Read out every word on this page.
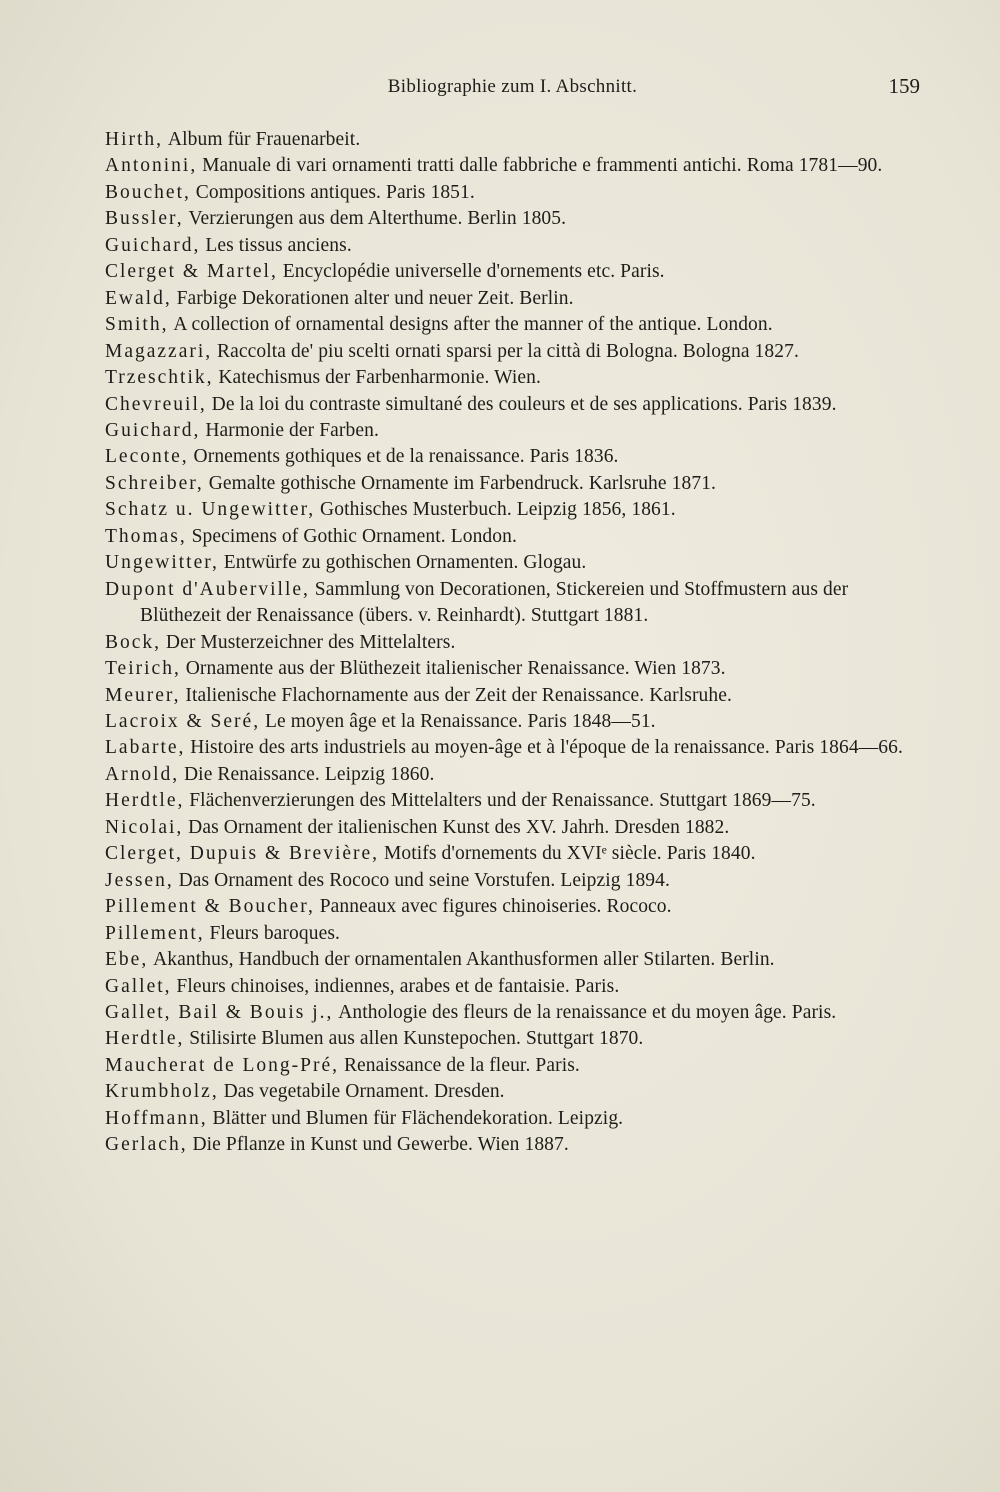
Bibliographie zum I. Abschnitt.	159
Hirth, Album für Frauenarbeit.
Antonini, Manuale di vari ornamenti tratti dalle fabbriche e frammenti antichi. Roma 1781—90.
Bouchet, Compositions antiques. Paris 1851.
Bussler, Verzierungen aus dem Alterthume. Berlin 1805.
Guichard, Les tissus anciens.
Clerget & Martel, Encyclopédie universelle d'ornements etc. Paris.
Ewald, Farbige Dekorationen alter und neuer Zeit. Berlin.
Smith, A collection of ornamental designs after the manner of the antique. London.
Magazzari, Raccolta de' piu scelti ornati sparsi per la città di Bologna. Bologna 1827.
Trzeschtik, Katechismus der Farbenharmonie. Wien.
Chevreuil, De la loi du contraste simultané des couleurs et de ses applications. Paris 1839.
Guichard, Harmonie der Farben.
Leconte, Ornements gothiques et de la renaissance. Paris 1836.
Schreiber, Gemalte gothische Ornamente im Farbendruck. Karlsruhe 1871.
Schatz u. Ungewitter, Gothisches Musterbuch. Leipzig 1856, 1861.
Thomas, Specimens of Gothic Ornament. London.
Ungewitter, Entwürfe zu gothischen Ornamenten. Glogau.
Dupont d'Auberville, Sammlung von Decorationen, Stickereien und Stoffmustern aus der Blüthezeit der Renaissance (übers. v. Reinhardt). Stuttgart 1881.
Bock, Der Musterzeichner des Mittelalters.
Teirich, Ornamente aus der Blüthezeit italienischer Renaissance. Wien 1873.
Meurer, Italienische Flachornamente aus der Zeit der Renaissance. Karlsruhe.
Lacroix & Seré, Le moyen âge et la Renaissance. Paris 1848—51.
Labarte, Histoire des arts industriels au moyen-âge et à l'époque de la renaissance. Paris 1864—66.
Arnold, Die Renaissance. Leipzig 1860.
Herdtle, Flächenverzierungen des Mittelalters und der Renaissance. Stuttgart 1869—75.
Nicolai, Das Ornament der italienischen Kunst des XV. Jahrh. Dresden 1882.
Clerget, Dupuis & Brevière, Motifs d'ornements du XVIᵉ siècle. Paris 1840.
Jessen, Das Ornament des Rococo und seine Vorstufen. Leipzig 1894.
Pillement & Boucher, Panneaux avec figures chinoiseries. Rococo.
Pillement, Fleurs baroques.
Ebe, Akanthus, Handbuch der ornamentalen Akanthusformen aller Stilarten. Berlin.
Gallet, Fleurs chinoises, indiennes, arabes et de fantaisie. Paris.
Gallet, Bail & Bouis j., Anthologie des fleurs de la renaissance et du moyen âge. Paris.
Herdtle, Stilisirte Blumen aus allen Kunstepochen. Stuttgart 1870.
Maucherat de Long-Pré, Renaissance de la fleur. Paris.
Krumbholz, Das vegetabile Ornament. Dresden.
Hoffmann, Blätter und Blumen für Flächendekoration. Leipzig.
Gerlach, Die Pflanze in Kunst und Gewerbe. Wien 1887.
